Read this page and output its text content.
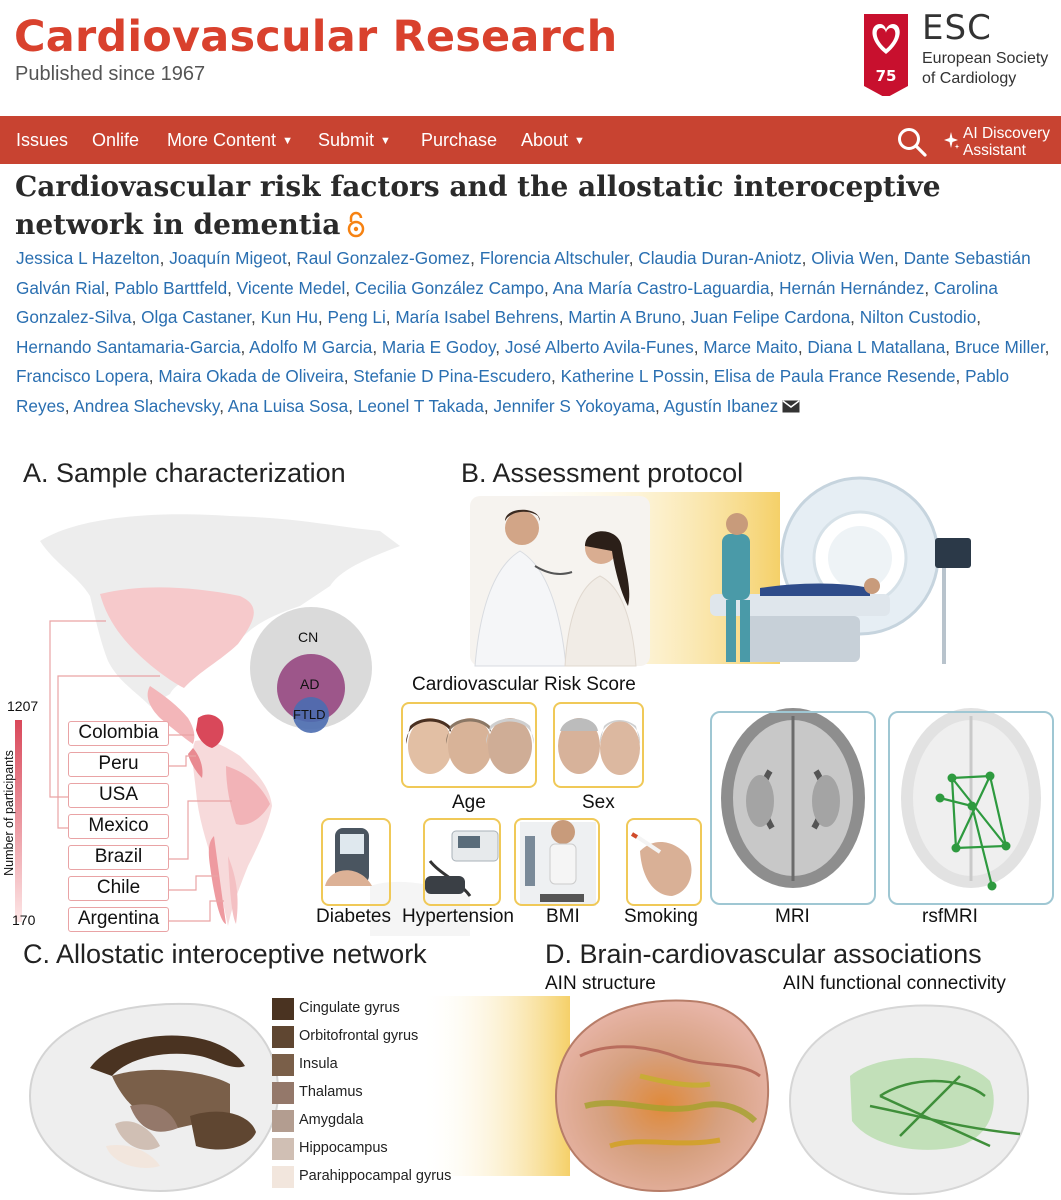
Cardiovascular Research
Published since 1967	75
ESC
European Society
of Cardiology
Issues Onlife More Content ▼ Submit ▼ Purchase About ▼	AI Discovery
Assistant
Cardiovascular risk factors and the allostatic interoceptive network in dementia
Jessica L Hazelton, Joaquín Migeot, Raul Gonzalez-Gomez, Florencia Altschuler, Claudia Duran-Aniotz, Olivia Wen, Dante Sebastián Galván Rial, Pablo Barttfeld, Vicente Medel, Cecilia González Campo, Ana María Castro-Laguardia, Hernán Hernández, Carolina Gonzalez-Silva, Olga Castaner, Kun Hu, Peng Li, María Isabel Behrens, Martin A Bruno, Juan Felipe Cardona, Nilton Custodio, Hernando Santamaria-Garcia, Adolfo M Garcia, Maria E Godoy, José Alberto Avila-Funes, Marce Maito, Diana L Matallana, Bruce Miller, Francisco Lopera, Maira Okada de Oliveira, Stefanie D Pina-Escudero, Katherine L Possin, Elisa de Paula France Resende, Pablo Reyes, Andrea Slachevsky, Ana Luisa Sosa, Leonel T Takada, Jennifer S Yokoyama, Agustín Ibanez
A. Sample characterization	B. Assessment protocol
C. Allostatic interoceptive network	D. Brain-cardiovascular associations
1207
170
Number of participants
Colombia
Peru
USA
Mexico
Brazil
Chile
Argentina
CN
AD
FTLD
Cardiovascular Risk Score
Age	Sex
Diabetes Hypertension BMI Smoking	MRI	rsfMRI
Cingulate gyrus
Orbitofrontal gyrus
Insula
Thalamus
Amygdala
Hippocampus
Parahippocampal gyrus
AIN structure	AIN functional connectivity
